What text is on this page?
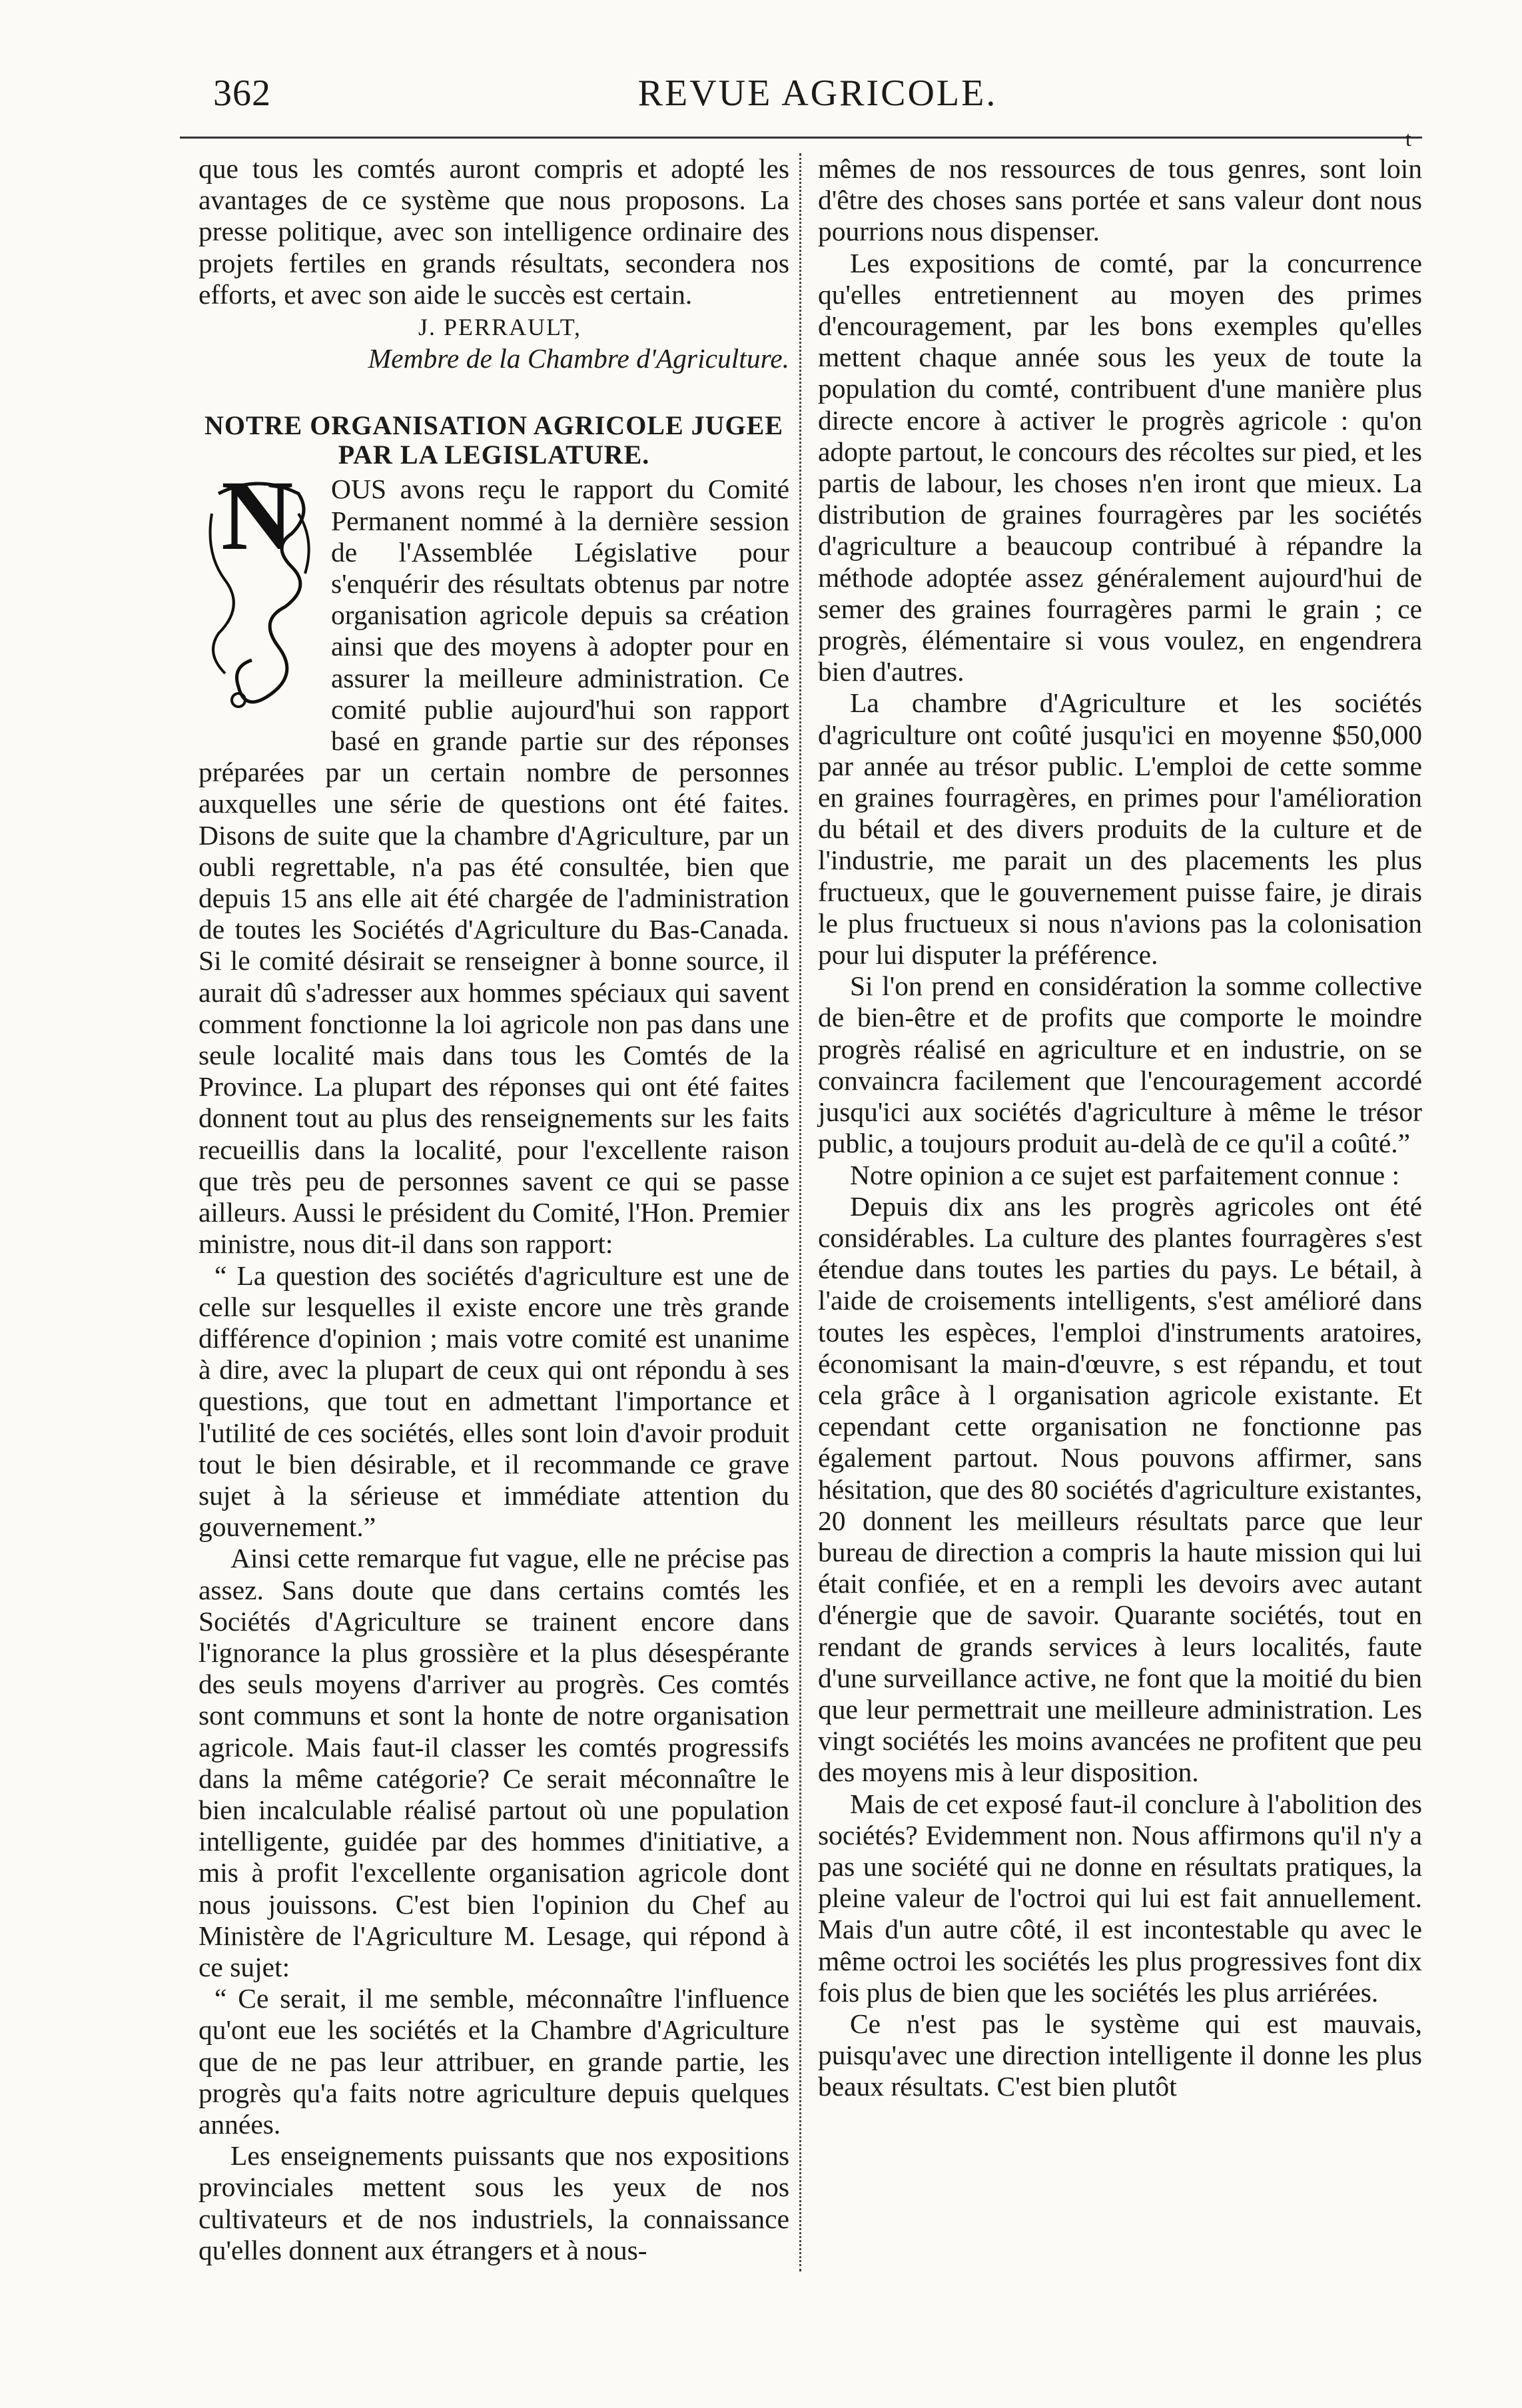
362	REVUE AGRICOLE.
t

que tous les comtés auront compris et adopté les avantages de ce système que nous proposons. La presse politique, avec son intelligence ordinaire des projets fertiles en grands résultats, secondera nos efforts, et avec son aide le succès est certain.

J. PERRAULT,
Membre de la Chambre d'Agriculture.
NOTRE ORGANISATION AGRICOLE JUGEE
PAR LA LEGISLATURE.
N	OUS avons reçu le rapport du Comité Permanent nommé à la dernière session de l'Assemblée Législative pour s'enquérir des résultats obtenus par notre organisation agricole depuis sa création ainsi que des moyens à adopter pour en assurer la meilleure administration. Ce comité publie aujourd'hui son rapport basé en grande partie sur des réponses préparées par un certain nombre de personnes auxquelles une série de questions ont été faites. Disons de suite que la chambre d'Agriculture, par un oubli regrettable, n'a pas été consultée, bien que depuis 15 ans elle ait été chargée de l'administration de toutes les Sociétés d'Agriculture du Bas-Canada. Si le comité désirait se renseigner à bonne source, il aurait dû s'adresser aux hommes spéciaux qui savent comment fonctionne la loi agricole non pas dans une seule localité mais dans tous les Comtés de la Province. La plupart des réponses qui ont été faites donnent tout au plus des renseignements sur les faits recueillis dans la localité, pour l'excellente raison que très peu de personnes savent ce qui se passe ailleurs. Aussi le président du Comité, l'Hon. Premier ministre, nous dit-il dans son rapport:

“ La question des sociétés d'agriculture est une de celle sur lesquelles il existe encore une très grande différence d'opinion ; mais votre comité est unanime à dire, avec la plupart de ceux qui ont répondu à ses questions, que tout en admettant l'importance et l'utilité de ces sociétés, elles sont loin d'avoir produit tout le bien désirable, et il recommande ce grave sujet à la sérieuse et immédiate attention du gouvernement.”

Ainsi cette remarque fut vague, elle ne précise pas assez. Sans doute que dans certains comtés les Sociétés d'Agriculture se trainent encore dans l'ignorance la plus grossière et la plus désespérante des seuls moyens d'arriver au progrès. Ces comtés sont communs et sont la honte de notre organisation agricole. Mais faut-il classer les comtés progressifs dans la même catégorie? Ce serait méconnaître le bien incalculable réalisé partout où une population intelligente, guidée par des hommes d'initiative, a mis à profit l'excellente organisation agricole dont nous jouissons. C'est bien l'opinion du Chef au Ministère de l'Agriculture M. Lesage, qui répond à ce sujet:

“ Ce serait, il me semble, méconnaître l'influence qu'ont eue les sociétés et la Chambre d'Agriculture que de ne pas leur attribuer, en grande partie, les progrès qu'a faits notre agriculture depuis quelques années.

Les enseignements puissants que nos expositions provinciales mettent sous les yeux de nos cultivateurs et de nos industriels, la connaissance qu'elles donnent aux étrangers et à nous-

mêmes de nos ressources de tous genres, sont loin d'être des choses sans portée et sans valeur dont nous pourrions nous dispenser.

Les expositions de comté, par la concurrence qu'elles entretiennent au moyen des primes d'encouragement, par les bons exemples qu'elles mettent chaque année sous les yeux de toute la population du comté, contribuent d'une manière plus directe encore à activer le progrès agricole : qu'on adopte partout, le concours des récoltes sur pied, et les partis de labour, les choses n'en iront que mieux. La distribution de graines fourragères par les sociétés d'agriculture a beaucoup contribué à répandre la méthode adoptée assez généralement aujourd'hui de semer des graines fourragères parmi le grain ; ce progrès, élémentaire si vous voulez, en engendrera bien d'autres.

La chambre d'Agriculture et les sociétés d'agriculture ont coûté jusqu'ici en moyenne $50,000 par année au trésor public. L'emploi de cette somme en graines fourragères, en primes pour l'amélioration du bétail et des divers produits de la culture et de l'industrie, me parait un des placements les plus fructueux, que le gouvernement puisse faire, je dirais le plus fructueux si nous n'avions pas la colonisation pour lui disputer la préférence.

Si l'on prend en considération la somme collective de bien-être et de profits que comporte le moindre progrès réalisé en agriculture et en industrie, on se convaincra facilement que l'encouragement accordé jusqu'ici aux sociétés d'agriculture à même le trésor public, a toujours produit au-delà de ce qu'il a coûté.”

Notre opinion a ce sujet est parfaitement connue :

Depuis dix ans les progrès agricoles ont été considérables. La culture des plantes fourragères s'est étendue dans toutes les parties du pays. Le bétail, à l'aide de croisements intelligents, s'est amélioré dans toutes les espèces, l'emploi d'instruments aratoires, économisant la main-d'œuvre, s est répandu, et tout cela grâce à l organisation agricole existante. Et cependant cette organisation ne fonctionne pas également partout. Nous pouvons affirmer, sans hésitation, que des 80 sociétés d'agriculture existantes, 20 donnent les meilleurs résultats parce que leur bureau de direction a compris la haute mission qui lui était confiée, et en a rempli les devoirs avec autant d'énergie que de savoir. Quarante sociétés, tout en rendant de grands services à leurs localités, faute d'une surveillance active, ne font que la moitié du bien que leur permettrait une meilleure administration. Les vingt sociétés les moins avancées ne profitent que peu des moyens mis à leur disposition.

Mais de cet exposé faut-il conclure à l'abolition des sociétés? Evidemment non. Nous affirmons qu'il n'y a pas une société qui ne donne en résultats pratiques, la pleine valeur de l'octroi qui lui est fait annuellement. Mais d'un autre côté, il est incontestable qu avec le même octroi les sociétés les plus progressives font dix fois plus de bien que les sociétés les plus arriérées.

Ce n'est pas le système qui est mauvais, puisqu'avec une direction intelligente il donne les plus beaux résultats. C'est bien plutôt
